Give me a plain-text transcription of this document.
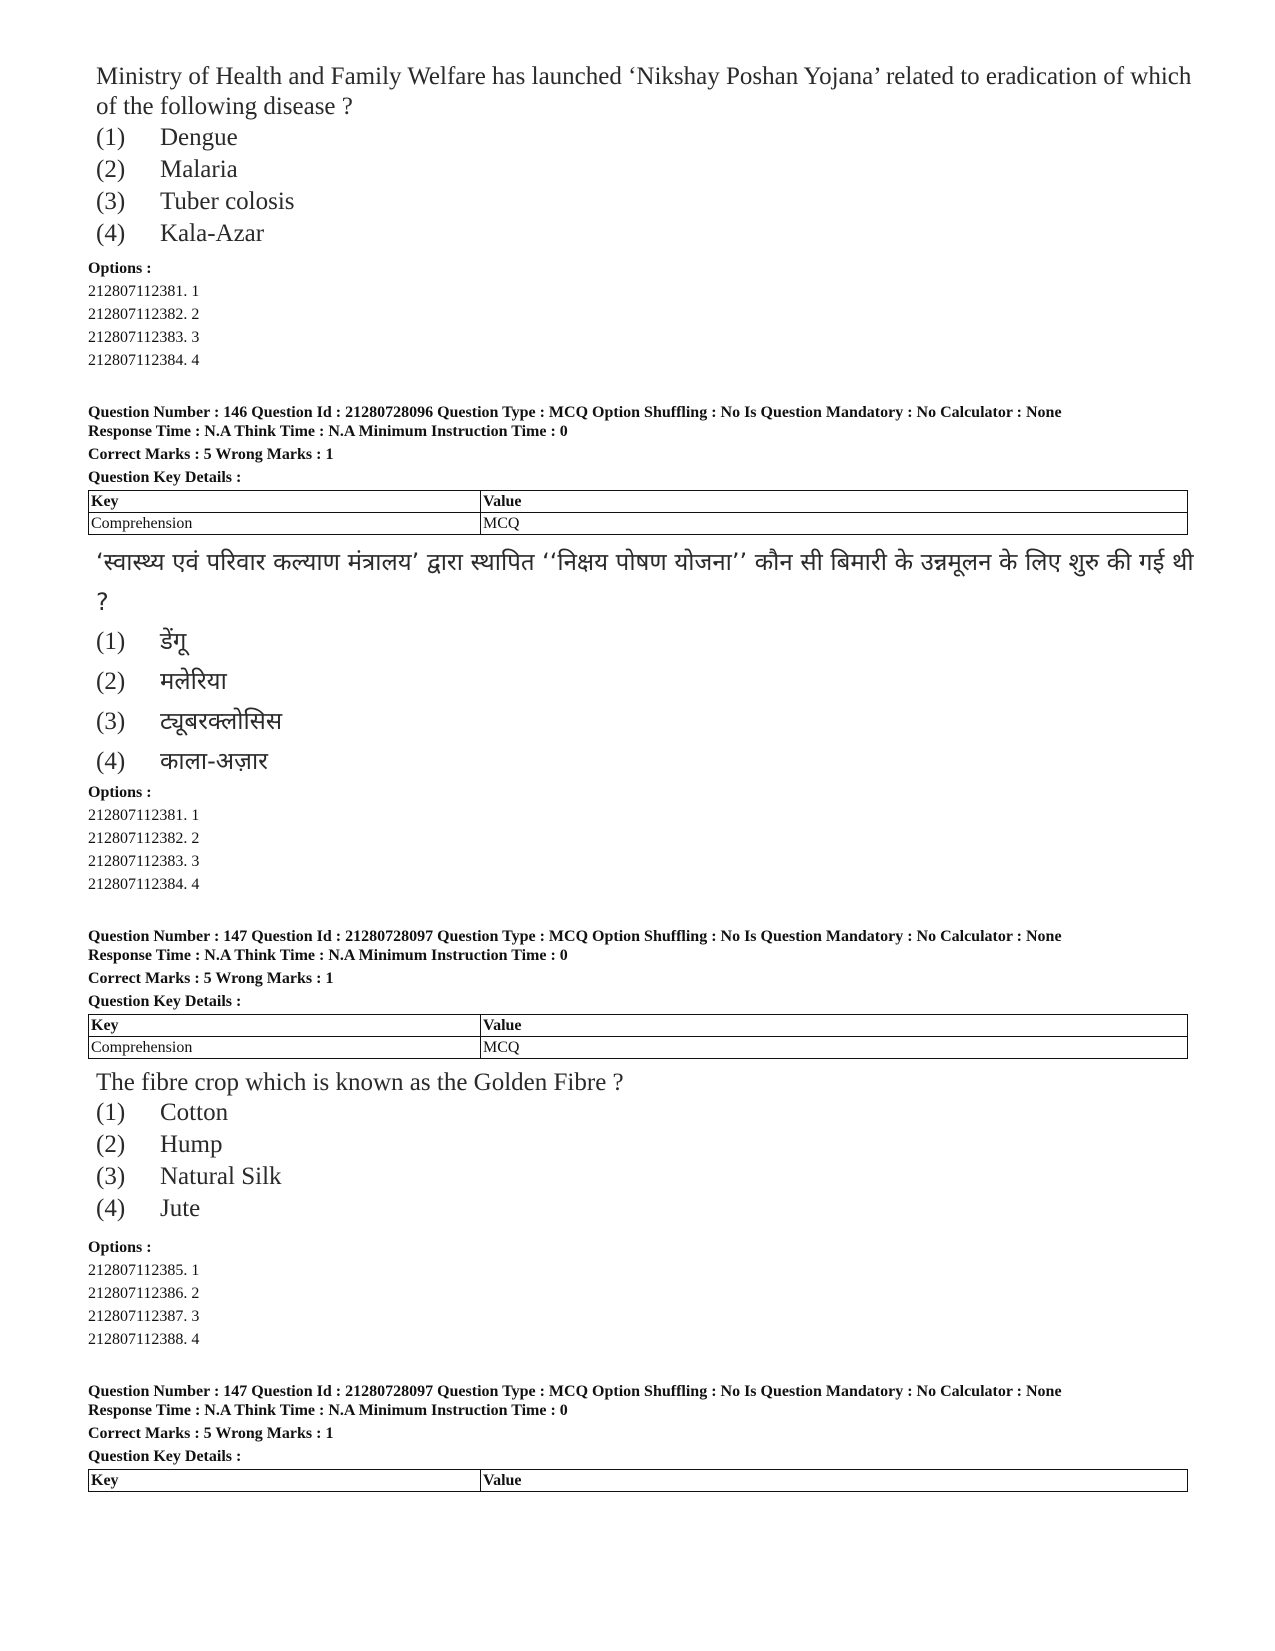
Ministry of Health and Family Welfare has launched ‘Nikshay Poshan Yojana’ related to eradication of which of the following disease ?
(1) Dengue
(2) Malaria
(3) Tuber colosis
(4) Kala-Azar
Options :
212807112381. 1
212807112382. 2
212807112383. 3
212807112384. 4
Question Number : 146 Question Id : 21280728096 Question Type : MCQ Option Shuffling : No Is Question Mandatory : No Calculator : None
Response Time : N.A Think Time : N.A Minimum Instruction Time : 0
Correct Marks : 5 Wrong Marks : 1
Question Key Details :
Key	Value
Comprehension	MCQ
‘स्वास्थ्य एवं परिवार कल्याण मंत्रालय’ द्वारा स्थापित ‘‘निक्षय पोषण योजना’’ कौन सी बिमारी के उन्नमूलन के लिए शुरु की गई थी ?
(1) डेंगू
(2) मलेरिया
(3) ट्यूबरक्लोसिस
(4) काला-अज़ार
Options :
212807112381. 1
212807112382. 2
212807112383. 3
212807112384. 4
Question Number : 147 Question Id : 21280728097 Question Type : MCQ Option Shuffling : No Is Question Mandatory : No Calculator : None
Response Time : N.A Think Time : N.A Minimum Instruction Time : 0
Correct Marks : 5 Wrong Marks : 1
Question Key Details :
Key	Value
Comprehension	MCQ
The fibre crop which is known as the Golden Fibre ?
(1) Cotton
(2) Hump
(3) Natural Silk
(4) Jute
Options :
212807112385. 1
212807112386. 2
212807112387. 3
212807112388. 4
Question Number : 147 Question Id : 21280728097 Question Type : MCQ Option Shuffling : No Is Question Mandatory : No Calculator : None
Response Time : N.A Think Time : N.A Minimum Instruction Time : 0
Correct Marks : 5 Wrong Marks : 1
Question Key Details :
Key	Value
